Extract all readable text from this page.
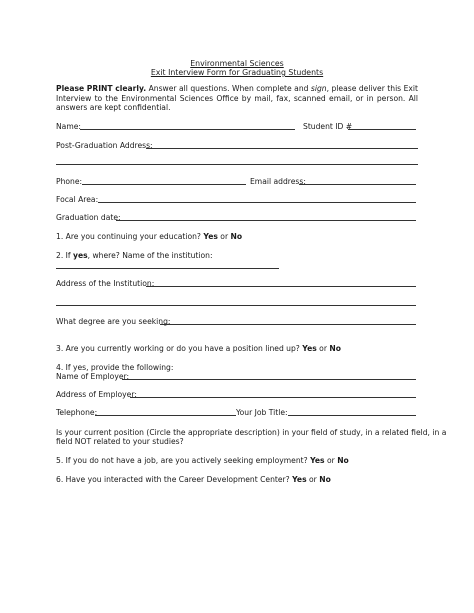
Environmental Sciences
Exit Interview Form for Graduating Students
Please PRINT clearly. Answer all questions. When complete and sign, please deliver this Exit Interview to the Environmental Sciences Office by mail, fax, scanned email, or in person. All answers are kept confidential.
Name:	Student ID #
Post-Graduation Address:
Phone:	Email address:
Focal Area:
Graduation date:
1. Are you continuing your education? Yes or No
2. If yes, where? Name of the institution:
Address of the Institution:
What degree are you seeking:
3. Are you currently working or do you have a position lined up? Yes or No
4. If yes, provide the following:
Name of Employer:
Address of Employer:
Telephone:	Your Job Title:
Is your current position (Circle the appropriate description) in your field of study, in a related field, in a
field NOT related to your studies?
5. If you do not have a job, are you actively seeking employment? Yes or No
6. Have you interacted with the Career Development Center? Yes or No
